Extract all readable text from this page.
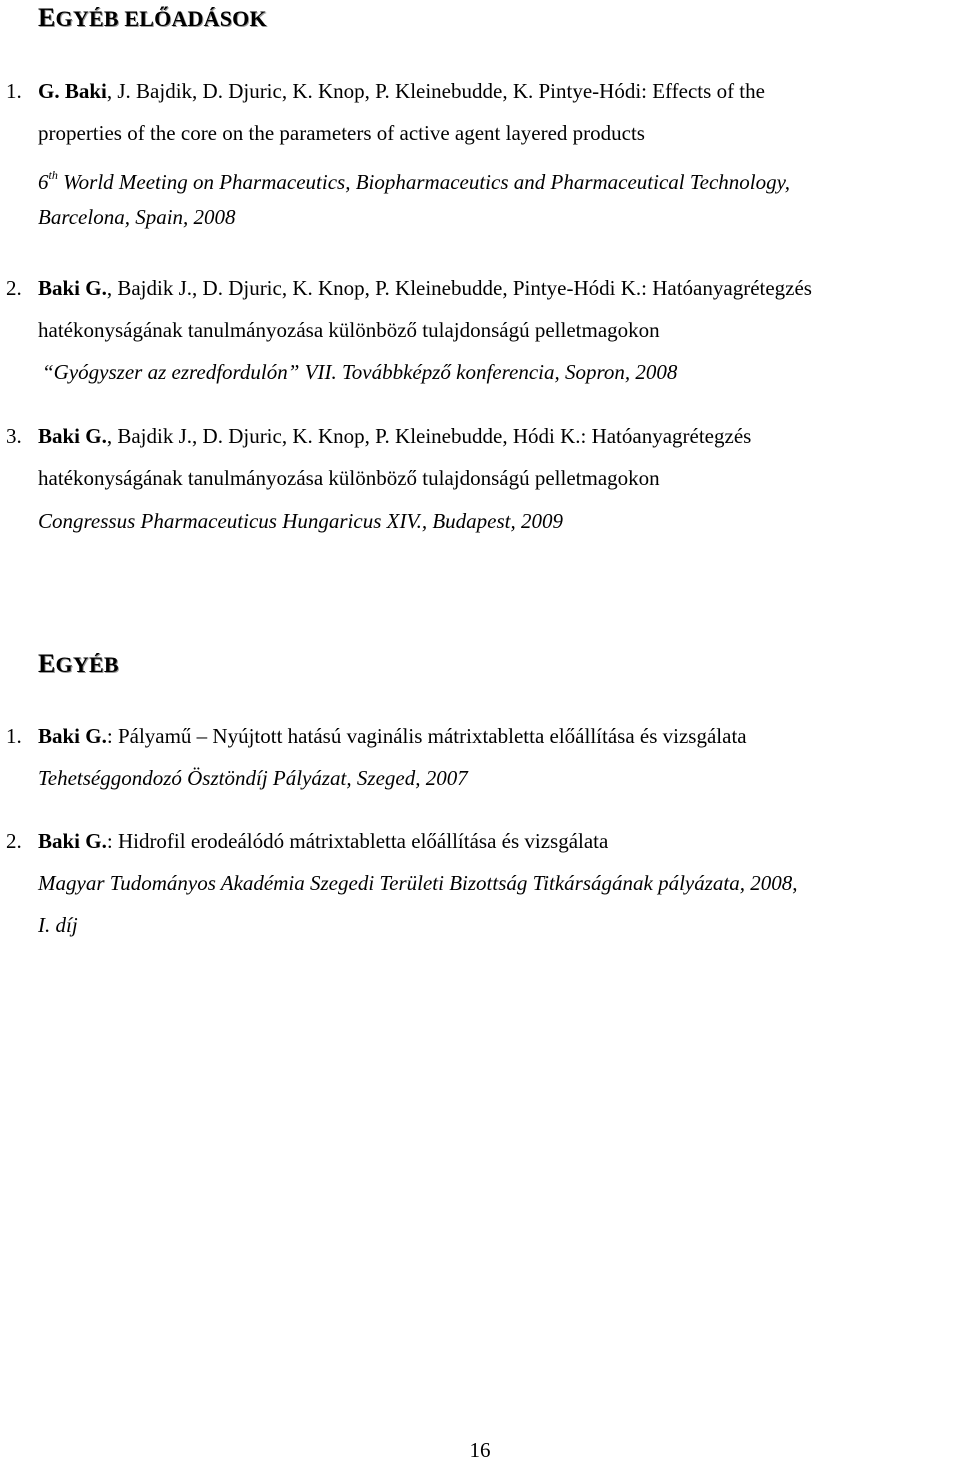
EGYÉB ELŐADÁSOK
1. G. Baki, J. Bajdik, D. Djuric, K. Knop, P. Kleinebudde, K. Pintye-Hódi: Effects of the
properties of the core on the parameters of active agent layered products
6th World Meeting on Pharmaceutics, Biopharmaceutics and Pharmaceutical Technology,
Barcelona, Spain, 2008
2. Baki G., Bajdik J., D. Djuric, K. Knop, P. Kleinebudde, Pintye-Hódi K.: Hatóanyagrétegzés
hatékonyságának tanulmányozása különböző tulajdonságú pelletmagokon
“Gyógyszer az ezredfordulón” VII. Továbbképző konferencia, Sopron, 2008
3. Baki G., Bajdik J., D. Djuric, K. Knop, P. Kleinebudde, Hódi K.: Hatóanyagrétegzés
hatékonyságának tanulmányozása különböző tulajdonságú pelletmagokon
Congressus Pharmaceuticus Hungaricus XIV., Budapest, 2009
EGYÉB
1. Baki G.: Pályamű – Nyújtott hatású vaginális mátrixtabletta előállítása és vizsgálata
Tehetséggondozó Ösztöndíj Pályázat, Szeged, 2007
2. Baki G.: Hidrofil erodeálódó mátrixtabletta előállítása és vizsgálata
Magyar Tudományos Akadémia Szegedi Területi Bizottság Titkárságának pályázata, 2008,
I. díj
16
